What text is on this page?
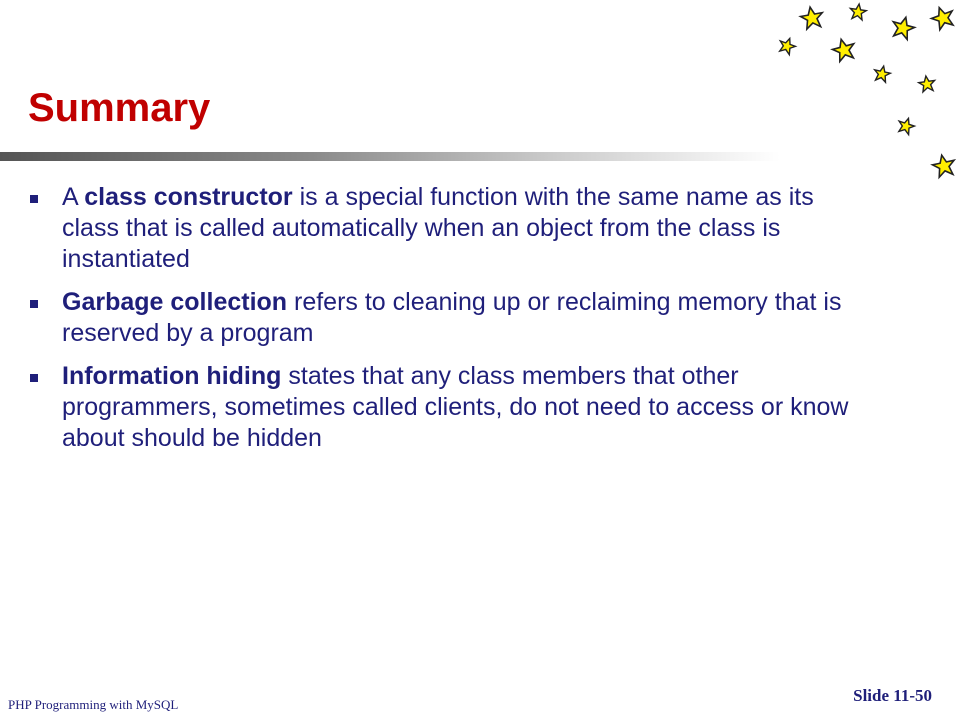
Summary
A class constructor is a special function with the same name as its class that is called automatically when an object from the class is instantiated
Garbage collection refers to cleaning up or reclaiming memory that is reserved by a program
Information hiding states that any class members that other programmers, sometimes called clients, do not need to access or know about should be hidden
PHP Programming with MySQL	Slide 11-50
